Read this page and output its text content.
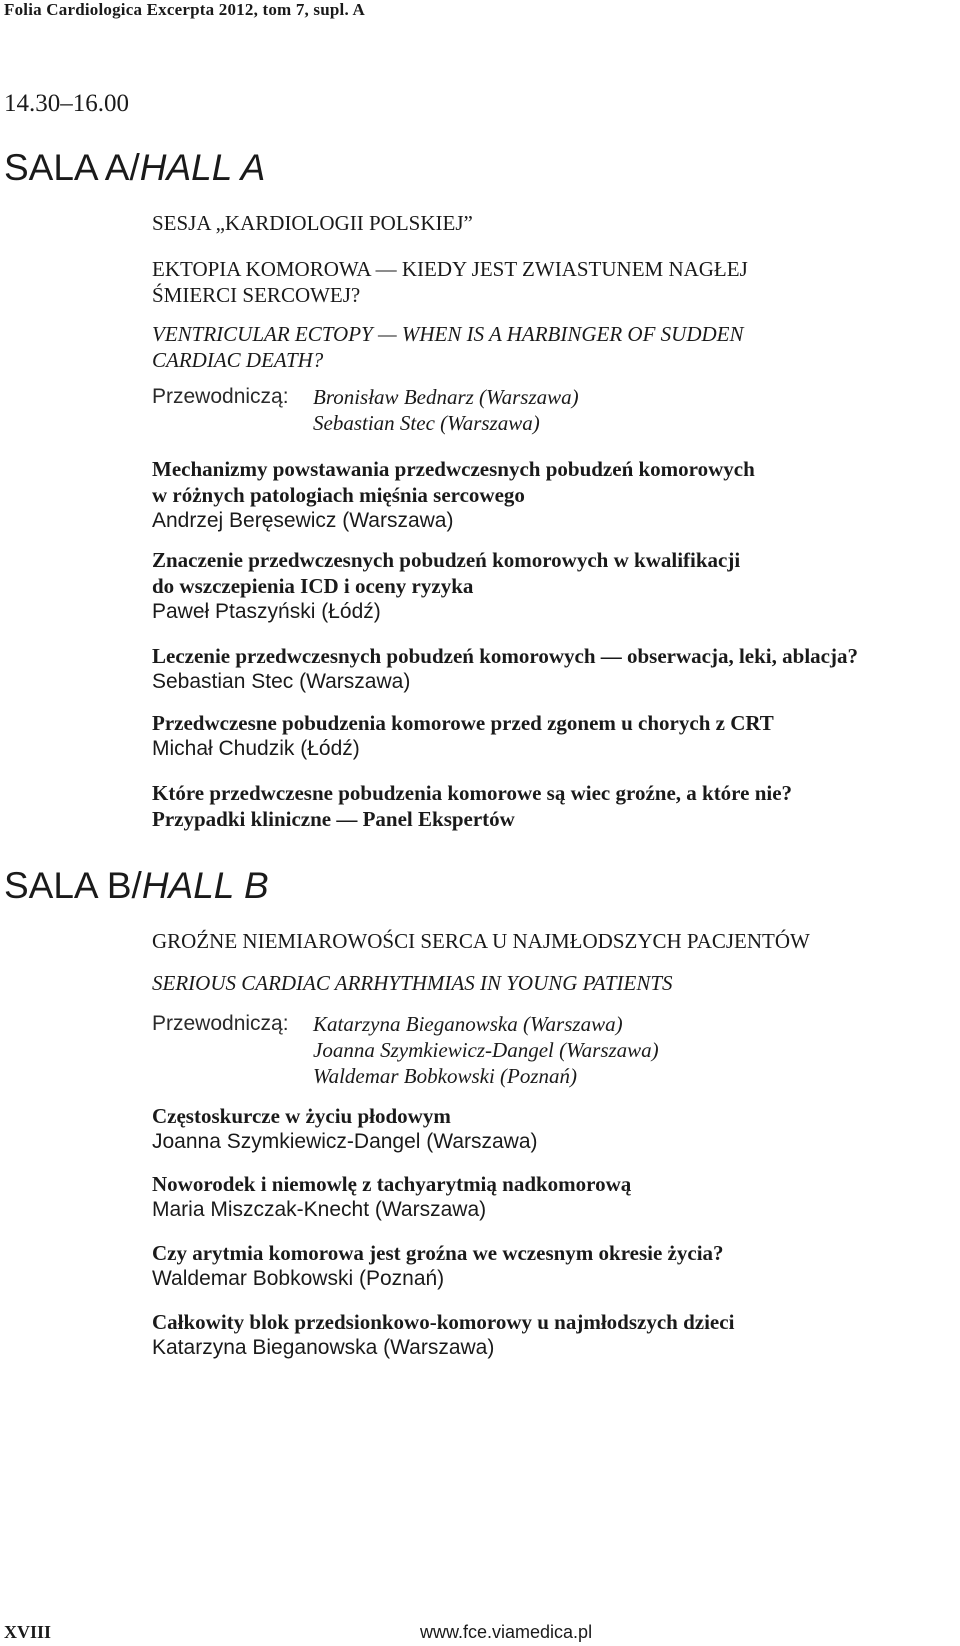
Folia Cardiologica Excerpta 2012, tom 7, supl. A
14.30–16.00
SALA A/HALL A
SESJA „KARDIOLOGII POLSKIEJ”
EKTOPIA KOMOROWA — KIEDY JEST ZWIASTUNEM NAGŁEJ
ŚMIERCI SERCOWEJ?
VENTRICULAR ECTOPY — WHEN IS A HARBINGER OF SUDDEN
CARDIAC DEATH?
Przewodniczą: Bronisław Bednarz (Warszawa)
Sebastian Stec (Warszawa)
Mechanizmy powstawania przedwczesnych pobudzeń komorowych
w różnych patologiach mięśnia sercowego
Andrzej Beręsewicz (Warszawa)
Znaczenie przedwczesnych pobudzeń komorowych w kwalifikacji
do wszczepienia ICD i oceny ryzyka
Paweł Ptaszyński (Łódź)
Leczenie przedwczesnych pobudzeń komorowych — obserwacja, leki, ablacja?
Sebastian Stec (Warszawa)
Przedwczesne pobudzenia komorowe przed zgonem u chorych z CRT
Michał Chudzik (Łódź)
Które przedwczesne pobudzenia komorowe są wiec groźne, a które nie?
Przypadki kliniczne — Panel Ekspertów
SALA B/HALL B
GROŹNE NIEMIAROWOŚCI SERCA U NAJMŁODSZYCH PACJENTÓW
SERIOUS CARDIAC ARRHYTHMIAS IN YOUNG PATIENTS
Przewodniczą: Katarzyna Bieganowska (Warszawa)
Joanna Szymkiewicz-Dangel (Warszawa)
Waldemar Bobkowski (Poznań)
Częstoskurcze w życiu płodowym
Joanna Szymkiewicz-Dangel (Warszawa)
Noworodek i niemowlę z tachyarytmią nadkomorową
Maria Miszczak-Knecht (Warszawa)
Czy arytmia komorowa jest groźna we wczesnym okresie życia?
Waldemar Bobkowski (Poznań)
Całkowity blok przedsionkowo-komorowy u najmłodszych dzieci
Katarzyna Bieganowska (Warszawa)
XVIII	www.fce.viamedica.pl
